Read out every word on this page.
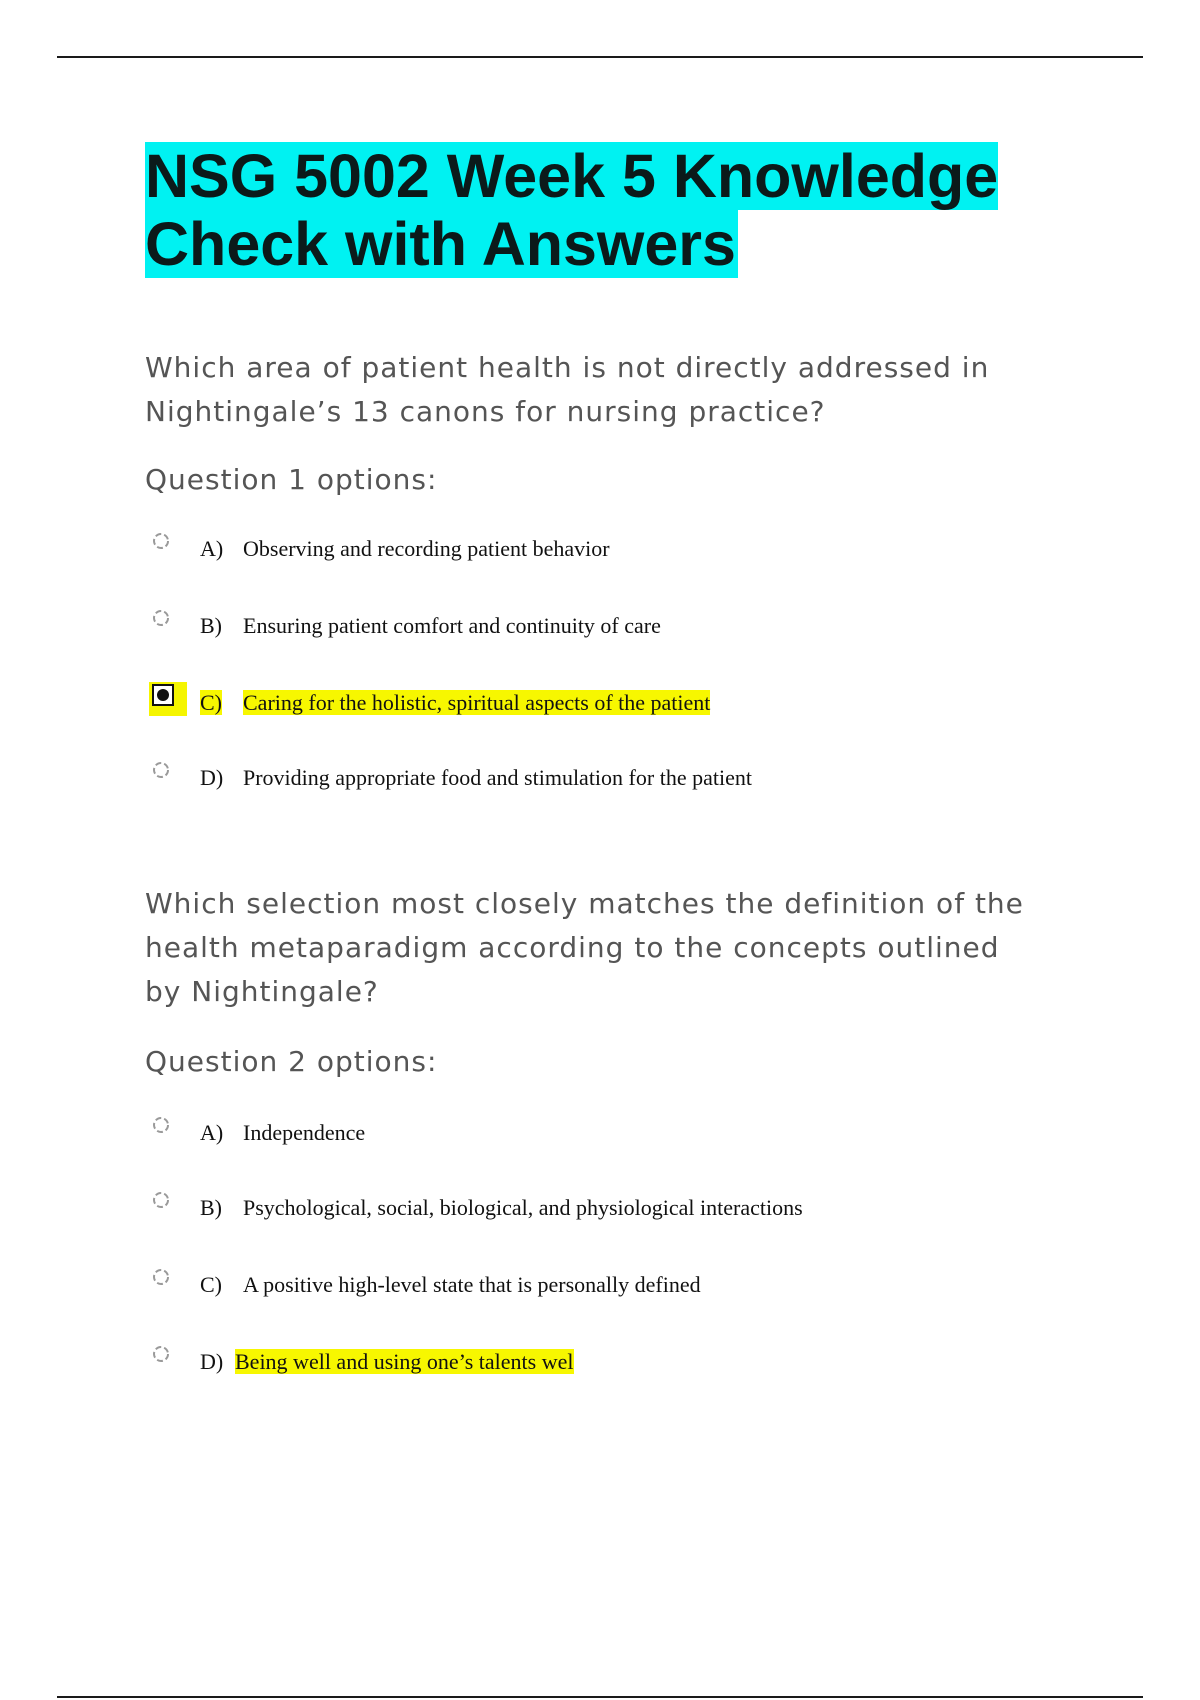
NSG 5002 Week 5 Knowledge Check with Answers

Which area of patient health is not directly addressed in Nightingale’s 13 canons for nursing practice?

Question 1 options:

A) Observing and recording patient behavior
B) Ensuring patient comfort and continuity of care
C) Caring for the holistic, spiritual aspects of the patient
D) Providing appropriate food and stimulation for the patient

Which selection most closely matches the definition of the health metaparadigm according to the concepts outlined by Nightingale?

Question 2 options:

A) Independence
B) Psychological, social, biological, and physiological interactions
C) A positive high-level state that is personally defined
D) Being well and using one’s talents wel
